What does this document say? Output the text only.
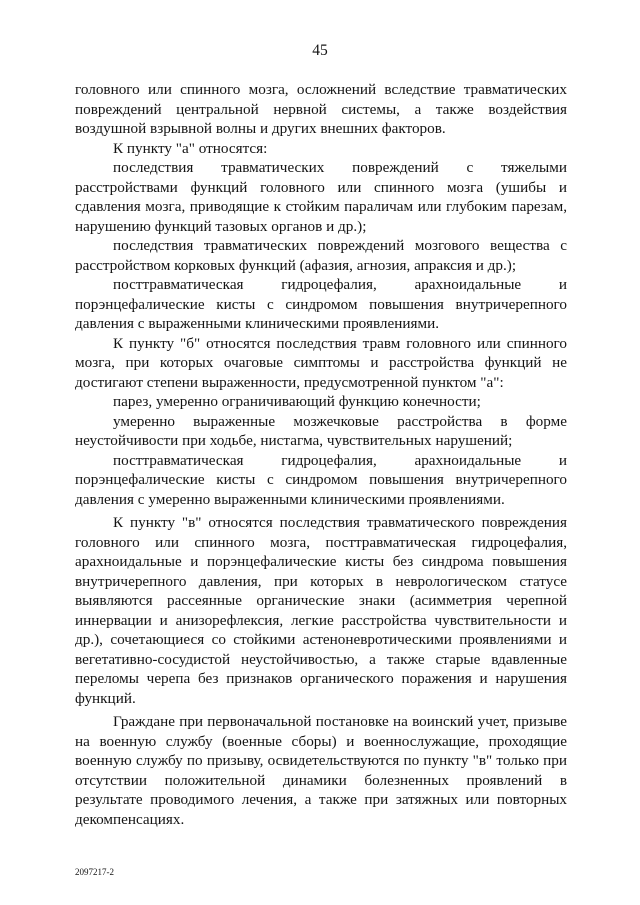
45

головного или спинного мозга, осложнений вследствие травматических повреждений центральной нервной системы, а также воздействия воздушной взрывной волны и других внешних факторов.

К пункту "а" относятся:

последствия травматических повреждений с тяжелыми расстройствами функций головного или спинного мозга (ушибы и сдавления мозга, приводящие к стойким параличам или глубоким парезам, нарушению функций тазовых органов и др.);

последствия травматических повреждений мозгового вещества с расстройством корковых функций (афазия, агнозия, апраксия и др.);

посттравматическая гидроцефалия, арахноидальные и порэнцефалические кисты с синдромом повышения внутричерепного давления с выраженными клиническими проявлениями.

К пункту "б" относятся последствия травм головного или спинного мозга, при которых очаговые симптомы и расстройства функций не достигают степени выраженности, предусмотренной пунктом "а":

парез, умеренно ограничивающий функцию конечности;

умеренно выраженные мозжечковые расстройства в форме неустойчивости при ходьбе, нистагма, чувствительных нарушений;

посттравматическая гидроцефалия, арахноидальные и порэнцефалические кисты с синдромом повышения внутричерепного давления с умеренно выраженными клиническими проявлениями.

К пункту "в" относятся последствия травматического повреждения головного или спинного мозга, посттравматическая гидроцефалия, арахноидальные и порэнцефалические кисты без синдрома повышения внутричерепного давления, при которых в неврологическом статусе выявляются рассеянные органические знаки (асимметрия черепной иннервации и анизорефлексия, легкие расстройства чувствительности и др.), сочетающиеся со стойкими астеноневротическими проявлениями и вегетативно-сосудистой неустойчивостью, а также старые вдавленные переломы черепа без признаков органического поражения и нарушения функций.

Граждане при первоначальной постановке на воинский учет, призыве на военную службу (военные сборы) и военнослужащие, проходящие военную службу по призыву, освидетельствуются по пункту "в" только при отсутствии положительной динамики болезненных проявлений в результате проводимого лечения, а также при затяжных или повторных декомпенсациях.

2097217-2
